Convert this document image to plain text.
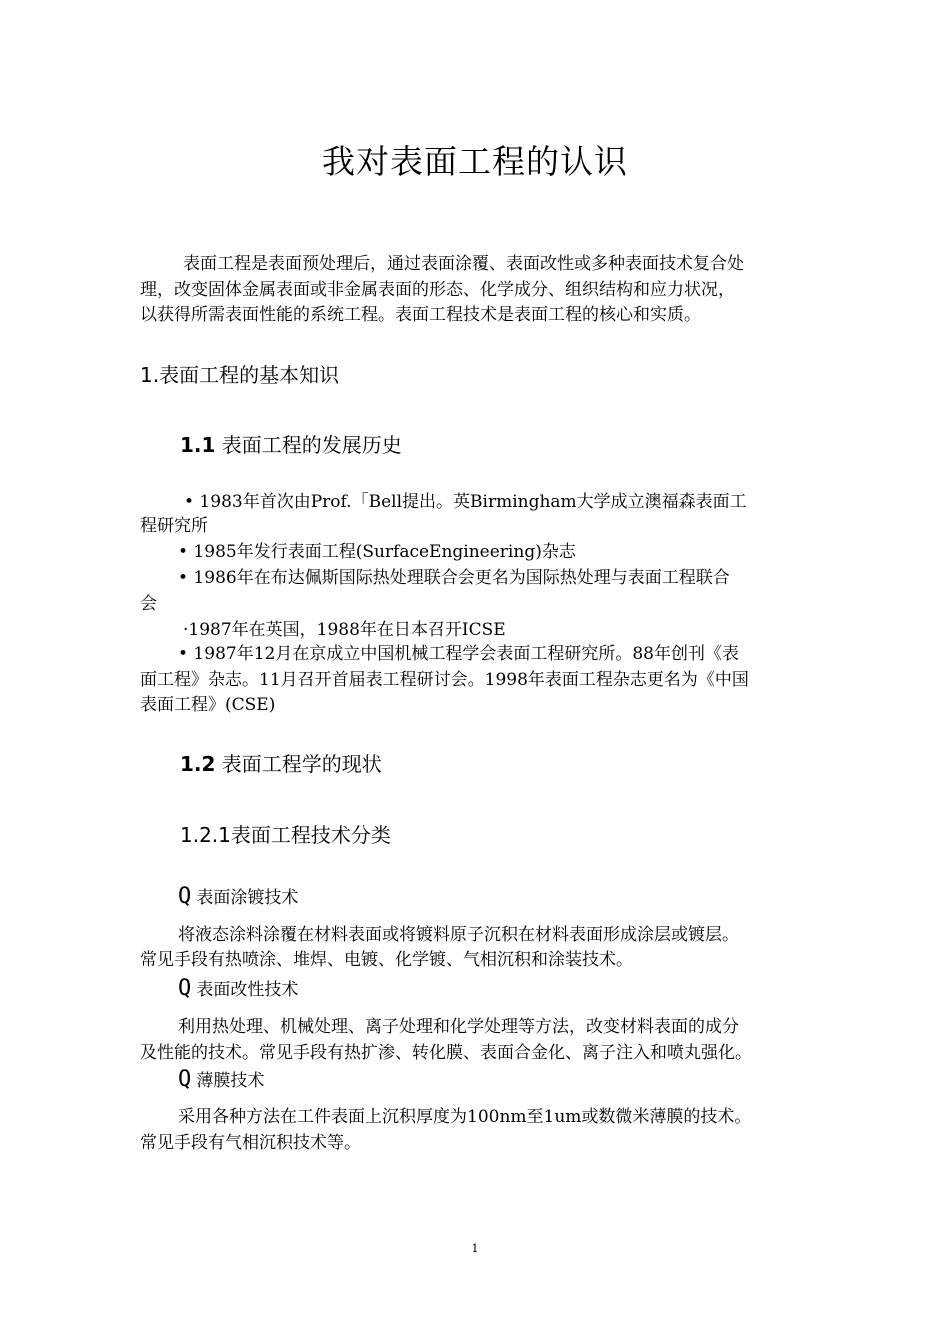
我对表面工程的认识
表面工程是表面预处理后，通过表面涂覆、表面改性或多种表面技术复合处
理，改变固体金属表面或非金属表面的形态、化学成分、组织结构和应力状况，
以获得所需表面性能的系统工程。表面工程技术是表面工程的核心和实质。
1.表面工程的基本知识
1.1 表面工程的发展历史
• 1983年首次由Prof.「Bell提出。英Birmingham大学成立澳福森表面工
程研究所
• 1985年发行表面工程(SurfaceEngineering)杂志
• 1986年在布达佩斯国际热处理联合会更名为国际热处理与表面工程联合
会
·1987年在英国，1988年在日本召开ICSE
• 1987年12月在京成立中国机械工程学会表面工程研究所。88年创刊《表
面工程》杂志。11月召开首届表工程研讨会。1998年表面工程杂志更名为《中国
表面工程》(CSE)
1.2 表面工程学的现状
1.2.1表面工程技术分类
Q 表面涂镀技术
将液态涂料涂覆在材料表面或将镀料原子沉积在材料表面形成涂层或镀层。
常见手段有热喷涂、堆焊、电镀、化学镀、气相沉积和涂装技术。
Q 表面改性技术
利用热处理、机械处理、离子处理和化学处理等方法，改变材料表面的成分
及性能的技术。常见手段有热扩渗、转化膜、表面合金化、离子注入和喷丸强化。
Q 薄膜技术
采用各种方法在工件表面上沉积厚度为100nm至1um或数微米薄膜的技术。
常见手段有气相沉积技术等。
1
